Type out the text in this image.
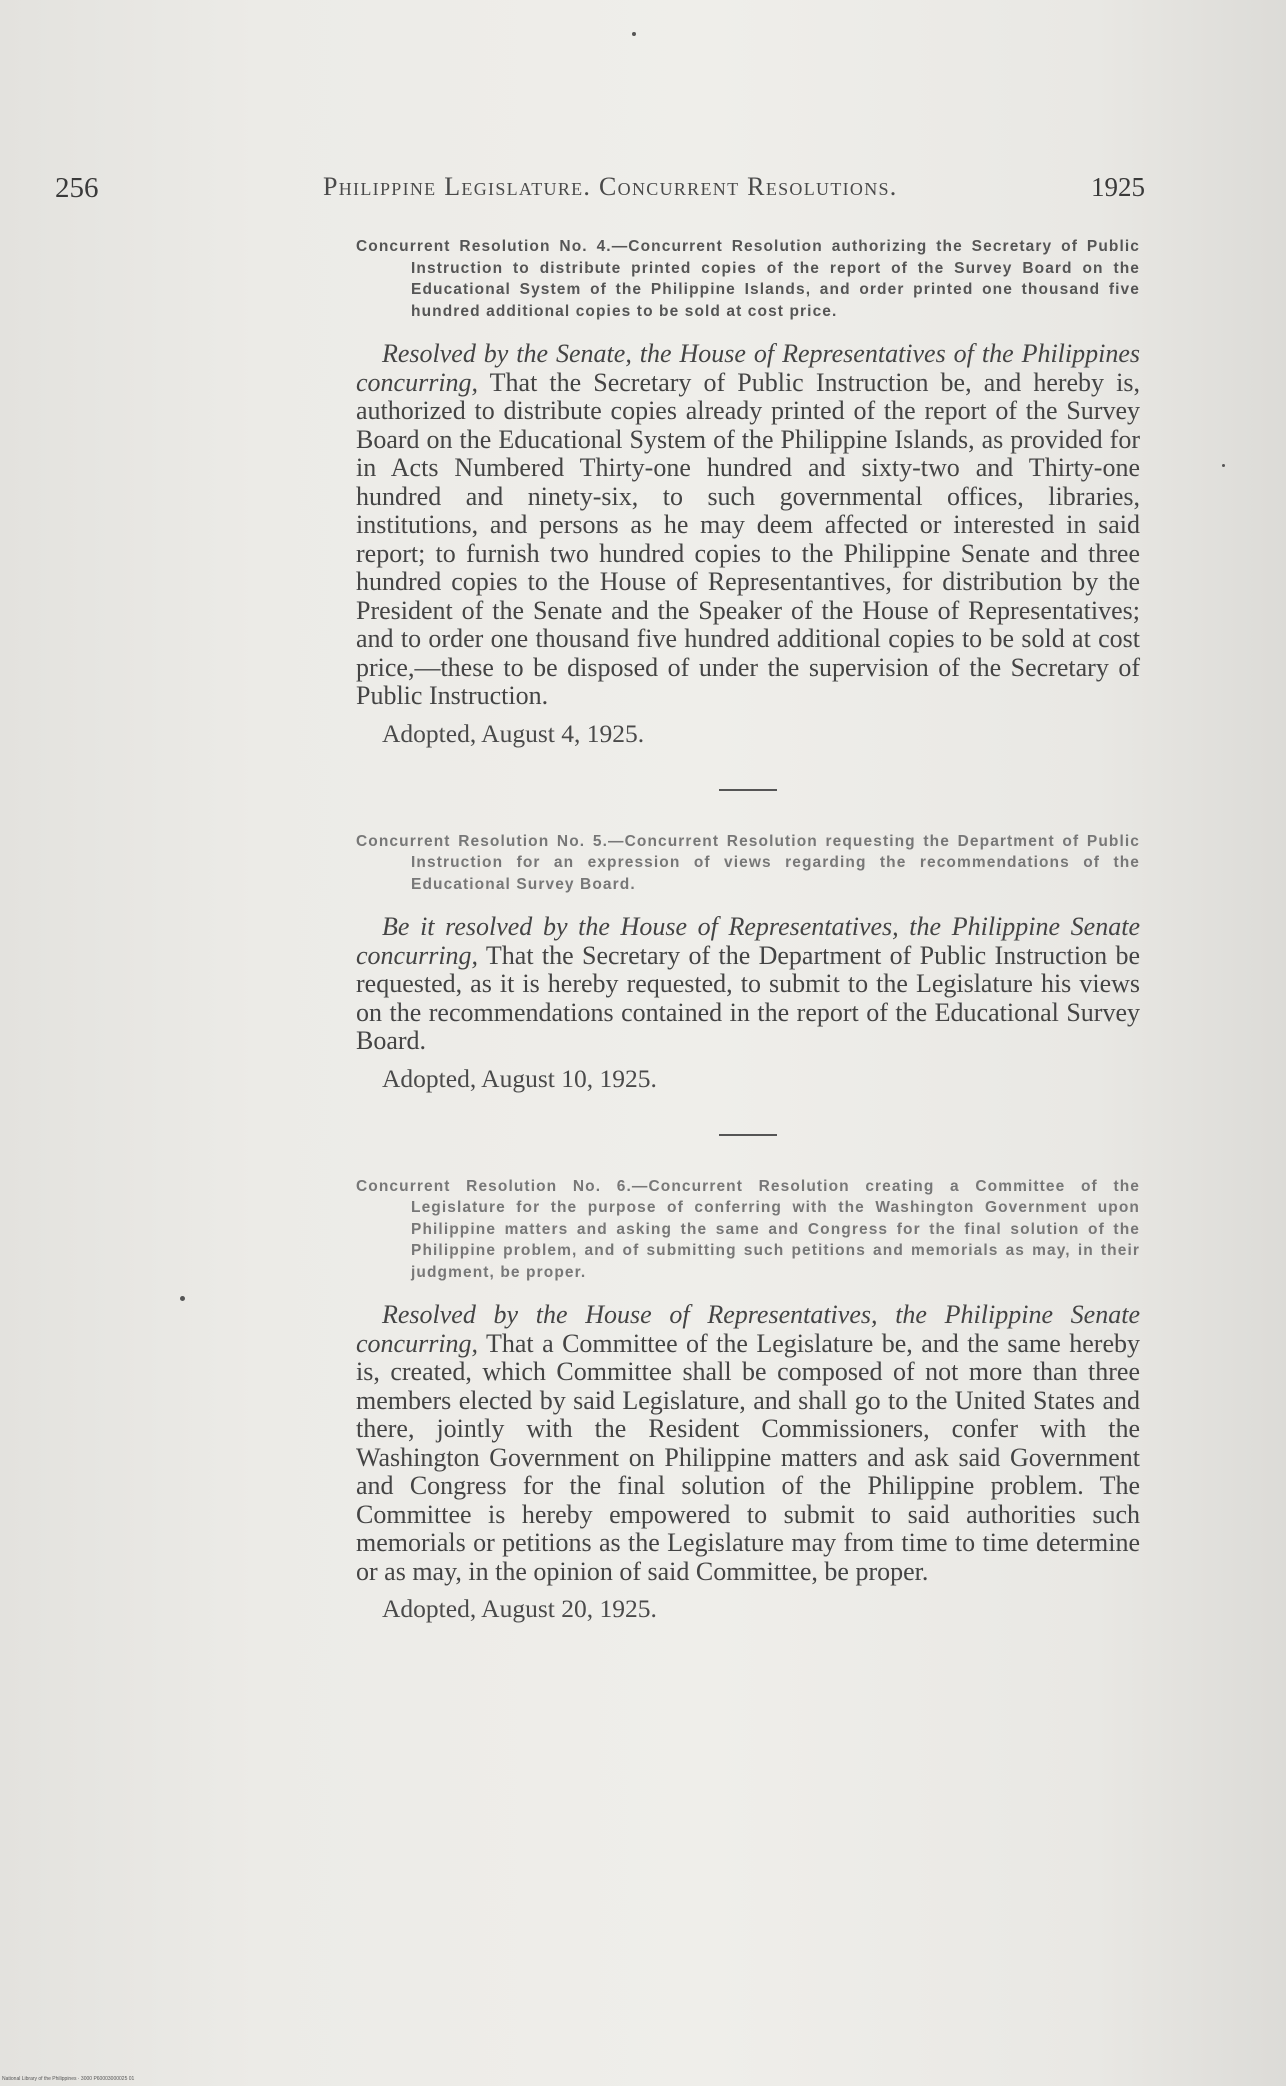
256	Philippine Legislature. Concurrent Resolutions.	1925

Concurrent Resolution No. 4.—Concurrent Resolution authorizing the Secretary of Public Instruction to distribute printed copies of the report of the Survey Board on the Educational System of the Philippine Islands, and order printed one thousand five hundred additional copies to be sold at cost price.

Resolved by the Senate, the House of Representatives of the Philippines concurring, That the Secretary of Public Instruction be, and hereby is, authorized to distribute copies already printed of the report of the Survey Board on the Educational System of the Philippine Islands, as provided for in Acts Numbered Thirty-one hundred and sixty-two and Thirty-one hundred and ninety-six, to such governmental offices, libraries, institutions, and persons as he may deem affected or interested in said report; to furnish two hundred copies to the Philippine Senate and three hundred copies to the House of Representantives, for distribution by the President of the Senate and the Speaker of the House of Representatives; and to order one thousand five hundred additional copies to be sold at cost price,—these to be disposed of under the supervision of the Secretary of Public Instruction.

Adopted, August 4, 1925.

Concurrent Resolution No. 5.—Concurrent Resolution requesting the Department of Public Instruction for an expression of views regarding the recommendations of the Educational Survey Board.

Be it resolved by the House of Representatives, the Philippine Senate concurring, That the Secretary of the Department of Public Instruction be requested, as it is hereby requested, to submit to the Legislature his views on the recommendations contained in the report of the Educational Survey Board.

Adopted, August 10, 1925.

Concurrent Resolution No. 6.—Concurrent Resolution creating a Committee of the Legislature for the purpose of conferring with the Washington Government upon Philippine matters and asking the same and Congress for the final solution of the Philippine problem, and of submitting such petitions and memorials as may, in their judgment, be proper.

Resolved by the House of Representatives, the Philippine Senate concurring, That a Committee of the Legislature be, and the same hereby is, created, which Committee shall be composed of not more than three members elected by said Legislature, and shall go to the United States and there, jointly with the Resident Commissioners, confer with the Washington Government on Philippine matters and ask said Government and Congress for the final solution of the Philippine problem. The Committee is hereby empowered to submit to said authorities such memorials or petitions as the Legislature may from time to time determine or as may, in the opinion of said Committee, be proper.

Adopted, August 20, 1925.

National Library of the Philippines · 3000 P60003000025 01
